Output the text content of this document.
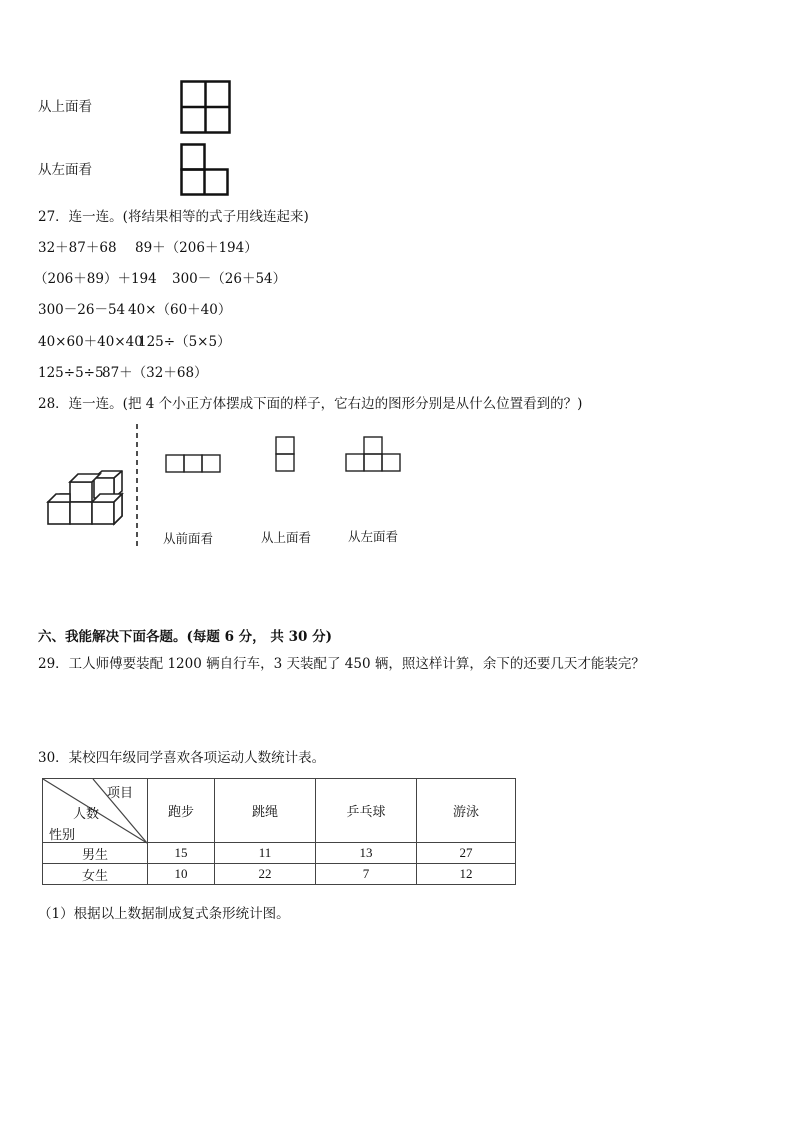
从上面看
从左面看
27．连一连。(将结果相等的式子用线连起来)
32＋87＋68 89＋（206＋194）
（206＋89）＋194 300－（26＋54）
300－26－54 40×（60＋40）
40×60＋40×40
125÷（5×5）
125÷5÷5
87＋（32＋68）
28．连一连。(把 4 个小正方体摆成下面的样子，它右边的图形分别是从什么位置看到的？)
从前面看	从上面看	从左面看
六、我能解决下面各题。(每题 6 分， 共 30 分)
29．工人师傅要装配 1200 辆自行车，3 天装配了 450 辆，照这样计算，余下的还要几天才能装完？
30．某校四年级同学喜欢各项运动人数统计表。
项目
人数
性别	跑步	跳绳	乒乓球	游泳
男生	15	11	13	27
女生	10	22	7	12
（1）根据以上数据制成复式条形统计图。
